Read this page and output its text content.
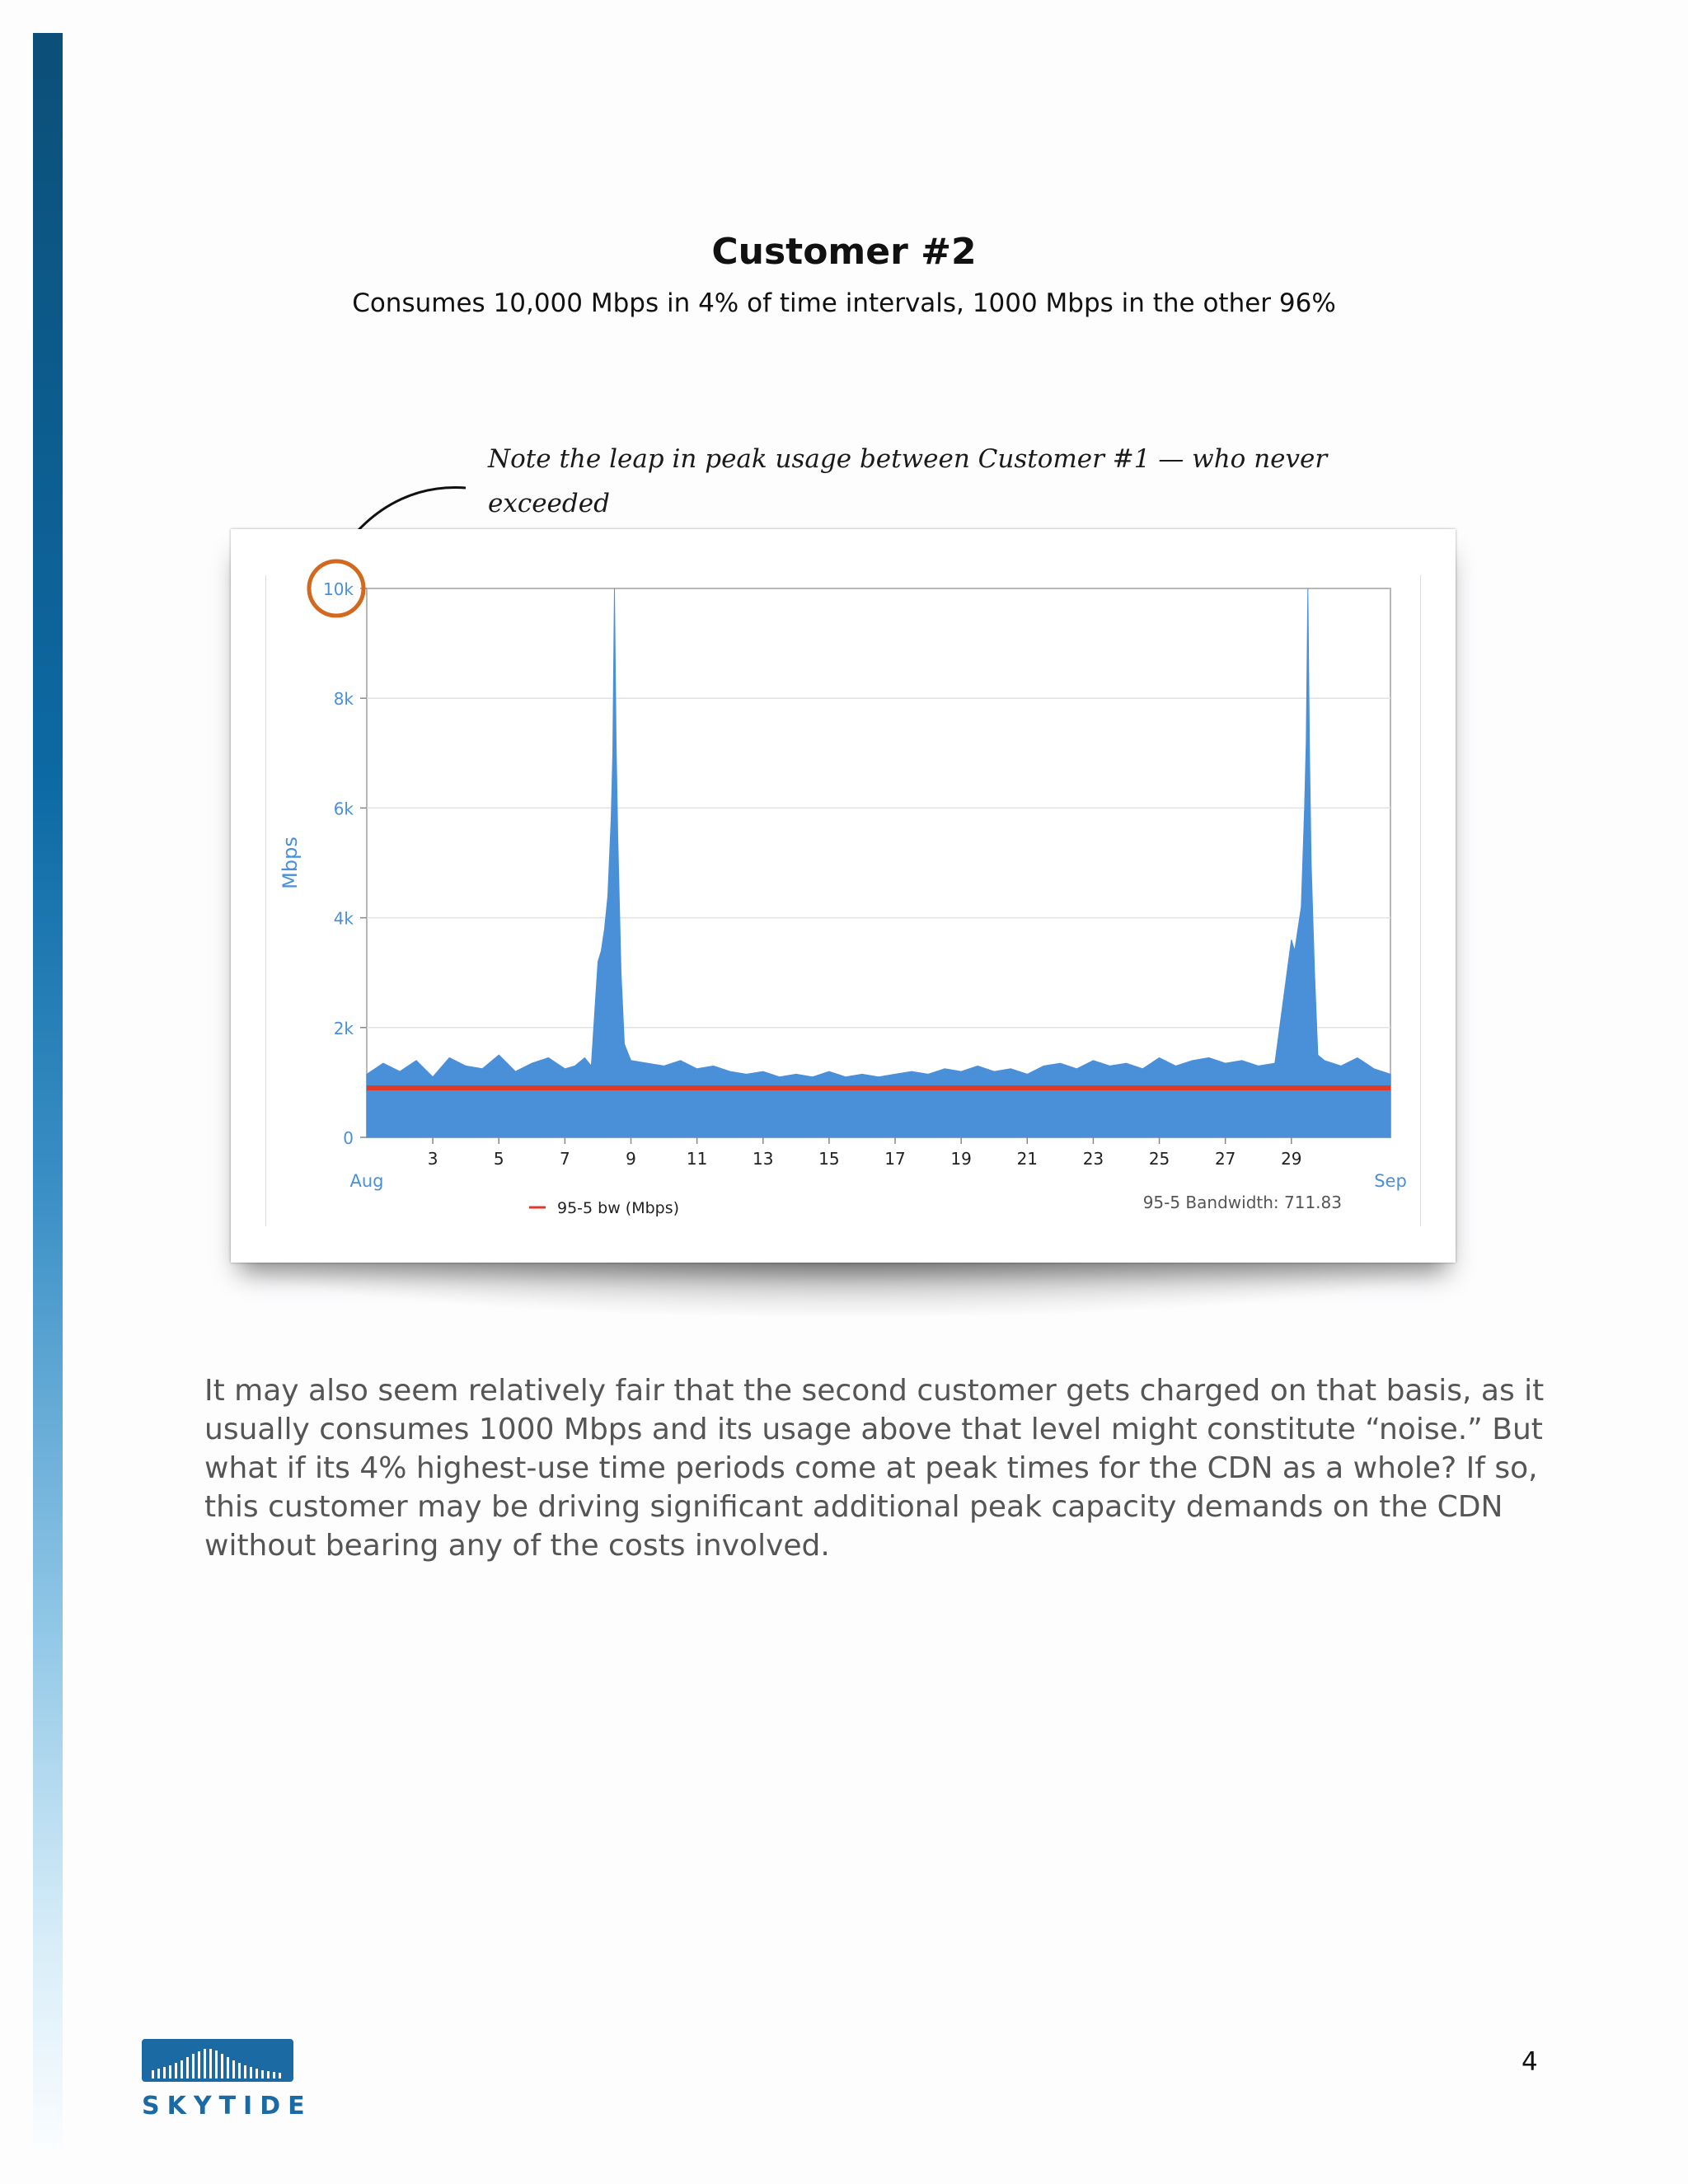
Customer #2
Consumes 10,000 Mbps in 4% of time intervals, 1000 Mbps in the other 96%
Note the leap in peak usage between Customer #1 — who never exceeded
0
2k
4k
6k
8k
10k
Mbps
3	5	7	9	11	13	15	17	19	21	23	25	27	29
Aug	Sep
95-5 bw (Mbps)	95-5 Bandwidth: 711.83

It may also seem relatively fair that the second customer gets charged on that basis, as it usually consumes 1000 Mbps and its usage above that level might constitute “noise.” But what if its 4% highest-use time periods come at peak times for the CDN as a whole? If so, this customer may be driving significant additional peak capacity demands on the CDN without bearing any of the costs involved.

4
SKYTIDE
